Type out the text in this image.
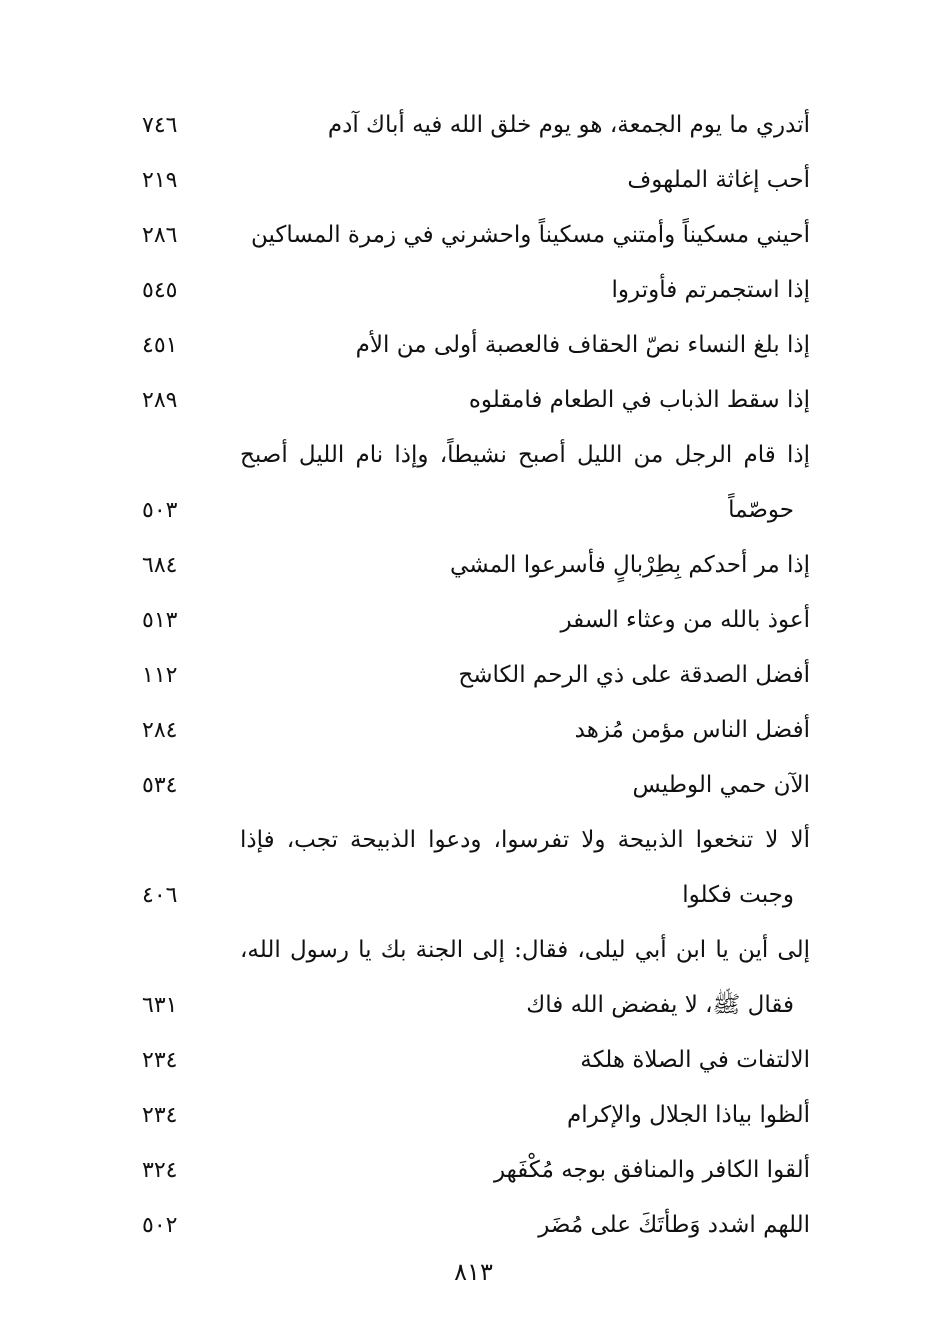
أتدري ما يوم الجمعة، هو يوم خلق الله فيه أباك آدم
٧٤٦
أحب إغاثة الملهوف
٢١٩
أحيني مسكيناً وأمتني مسكيناً واحشرني في زمرة المساكين
٢٨٦
إذا استجمرتم فأوتروا
٥٤٥
إذا بلغ النساء نصّ الحقاف فالعصبة أولى من الأم
٤٥١
إذا سقط الذباب في الطعام فامقلوه
٢٨٩
إذا قام الرجل من الليل أصبح نشيطاً، وإذا نام الليل أصبح
حوصّماً
٥٠٣
إذا مر أحدكم بِطِرْبالٍ فأسرعوا المشي
٦٨٤
أعوذ بالله من وعثاء السفر
٥١٣
أفضل الصدقة على ذي الرحم الكاشح
١١٢
أفضل الناس مؤمن مُزهد
٢٨٤
الآن حمي الوطيس
٥٣٤
ألا لا تنخعوا الذبيحة ولا تفرسوا، ودعوا الذبيحة تجب، فإذا
وجبت فكلوا
٤٠٦
إلى أين يا ابن أبي ليلى، فقال: إلى الجنة بك يا رسول الله،
فقال ﷺ، لا يفضض الله فاك
٦٣١
الالتفات في الصلاة هلكة
٢٣٤
ألظوا بياذا الجلال والإكرام
٢٣٤
ألقوا الكافر والمنافق بوجه مُكْفَهر
٣٢٤
اللهم اشدد وَطأتَكَ على مُضَر
٥٠٢
٨١٣
